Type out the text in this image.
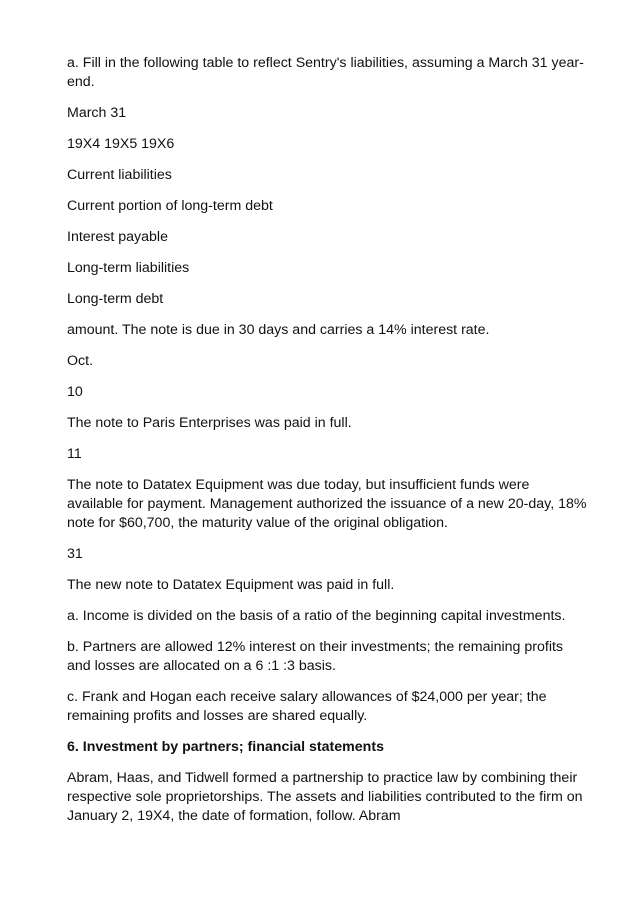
a. Fill in the following table to reflect Sentry's liabilities, assuming a March 31 year-end.

March 31

19X4 19X5 19X6

Current liabilities

Current portion of long-term debt

Interest payable

Long-term liabilities

Long-term debt

amount. The note is due in 30 days and carries a 14% interest rate.

Oct.

10

The note to Paris Enterprises was paid in full.

11

The note to Datatex Equipment was due today, but insufficient funds were available for payment. Management authorized the issuance of a new 20-day, 18% note for $60,700, the maturity value of the original obligation.

31

The new note to Datatex Equipment was paid in full.

a. Income is divided on the basis of a ratio of the beginning capital investments.

b. Partners are allowed 12% interest on their investments; the remaining profits and losses are allocated on a 6 :1 :3 basis.

c. Frank and Hogan each receive salary allowances of $24,000 per year; the remaining profits and losses are shared equally.

6. Investment by partners; financial statements

Abram, Haas, and Tidwell formed a partnership to practice law by combining their respective sole proprietorships. The assets and liabilities contributed to the firm on January 2, 19X4, the date of formation, follow. Abram
